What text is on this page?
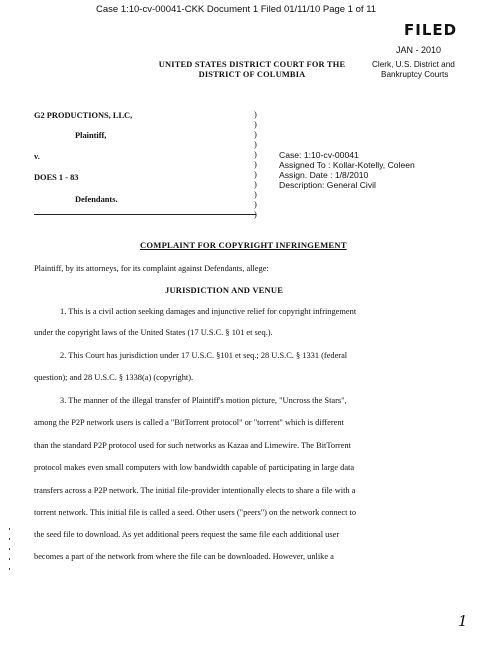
Case 1:10-cv-00041-CKK Document 1 Filed 01/11/10 Page 1 of 11
FILED
JAN - 2010
Clerk, U.S. District and
Bankruptcy Courts
UNITED STATES DISTRICT COURT FOR THE
DISTRICT OF COLUMBIA
G2 PRODUCTIONS, LLC,
Plaintiff,
v.
DOES 1 - 83
Defendants.
)
)
)
)
)
)
)
)
)
)
)
Case: 1:10-cv-00041
Assigned To : Kollar-Kotelly, Coleen
Assign. Date : 1/8/2010
Description: General Civil
COMPLAINT FOR COPYRIGHT INFRINGEMENT
Plaintiff, by its attorneys, for its complaint against Defendants, allege:
JURISDICTION AND VENUE
1. This is a civil action seeking damages and injunctive relief for copyright infringement
under the copyright laws of the United States (17 U.S.C. § 101 et seq.).
2. This Court has jurisdiction under 17 U.S.C. §101 et seq.; 28 U.S.C. § 1331 (federal
question); and 28 U.S.C. § 1338(a) (copyright).
3. The manner of the illegal transfer of Plaintiff's motion picture, "Uncross the Stars",
among the P2P network users is called a "BitTorrent protocol" or "torrent" which is different
than the standard P2P protocol used for such networks as Kazaa and Limewire. The BitTorrent
protocol makes even small computers with low bandwidth capable of participating in large data
transfers across a P2P network. The initial file-provider intentionally elects to share a file with a
torrent network. This initial file is called a seed. Other users ("peers") on the network connect to
the seed file to download. As yet additional peers request the same file each additional user
becomes a part of the network from where the file can be downloaded. However, unlike a
1
